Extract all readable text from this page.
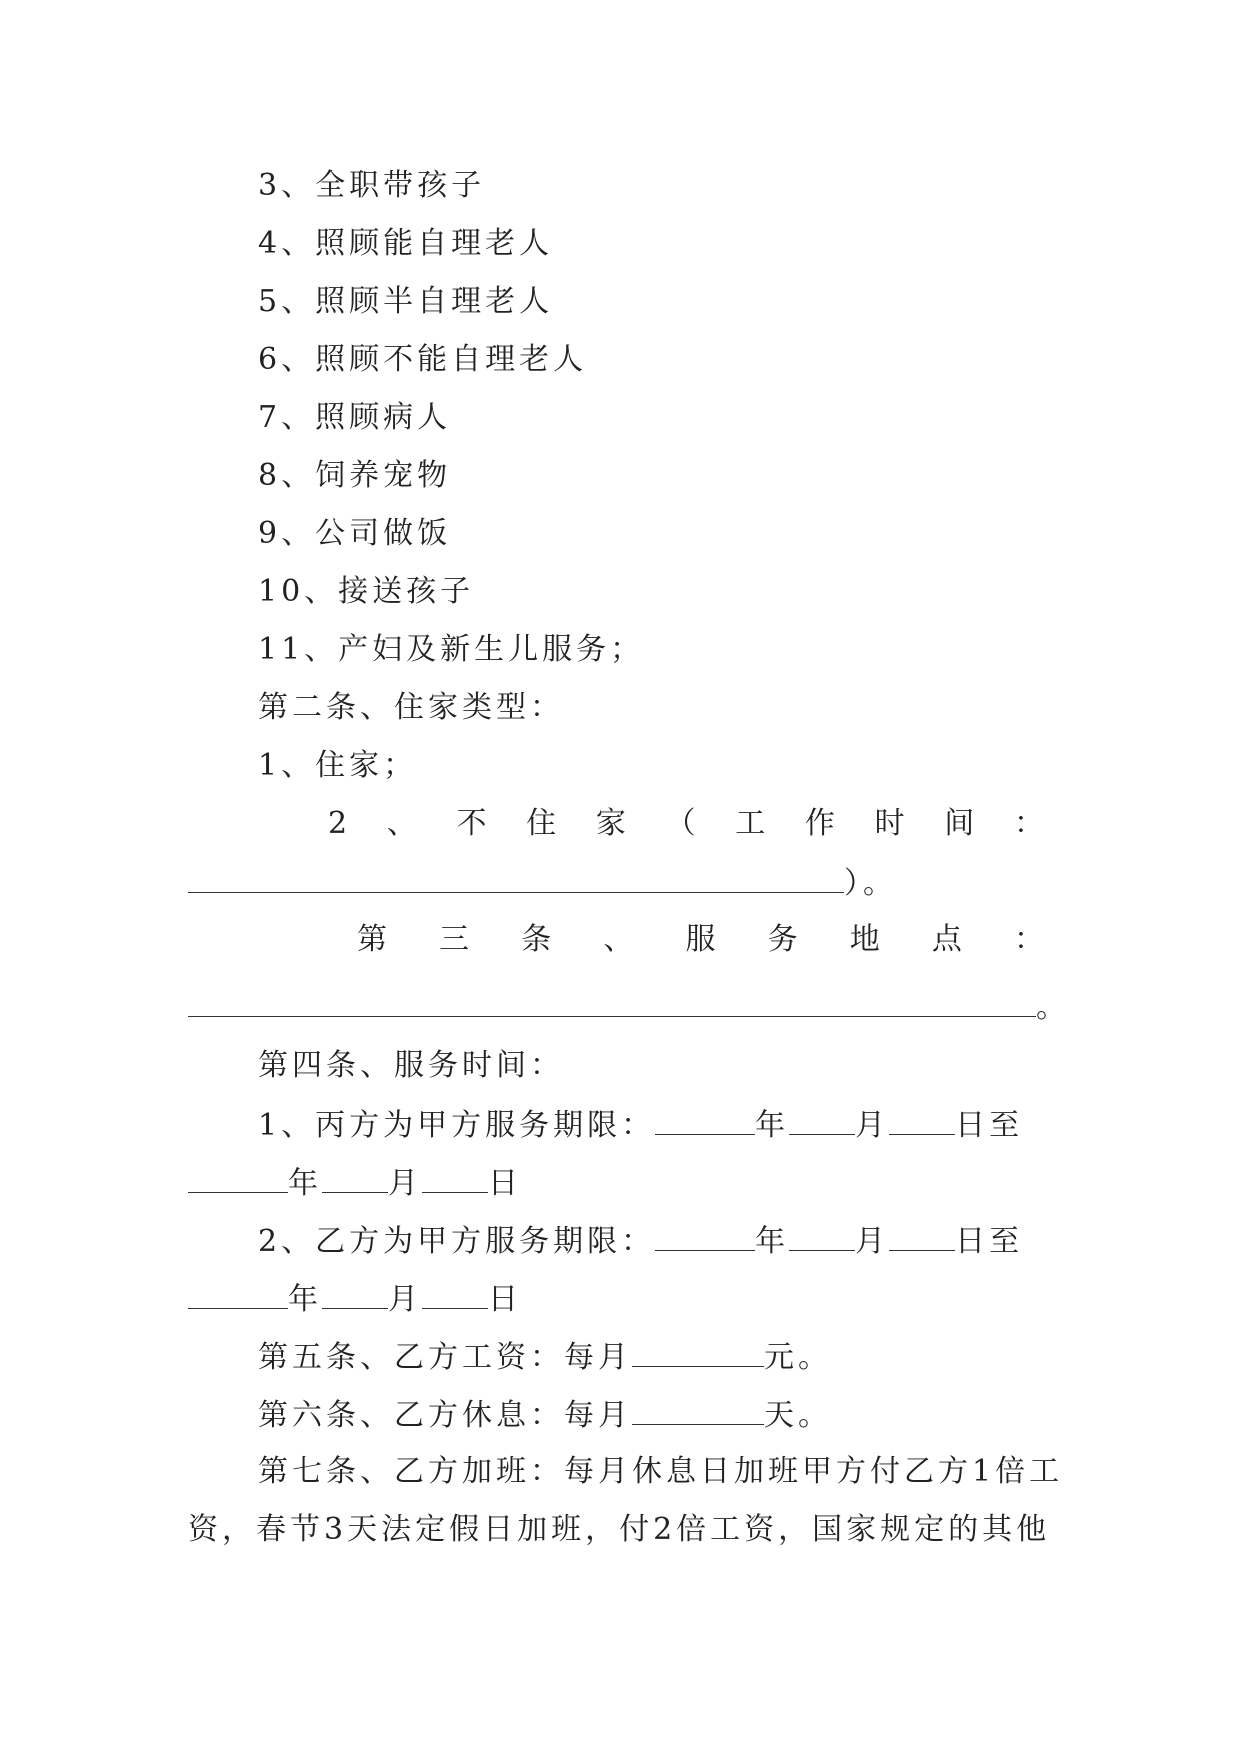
3、全职带孩子
4、照顾能自理老人
5、照顾半自理老人
6、照顾不能自理老人
7、照顾病人
8、饲养宠物
9、公司做饭
10、接送孩子
11、产妇及新生儿服务；
第二条、住家类型：
1、住家；
2 、 不 住 家 （ 工 作 时 间 ：
）。
第 三 条 、 服 务 地 点 ：
。
第四条、服务时间：
1、丙方为甲方服务期限：	年 月 日至
年 月 日
2、乙方为甲方服务期限：	年 月 日至
年 月 日
第五条、乙方工资：每月	元。
第六条、乙方休息：每月	天。
第七条、乙方加班：每月休息日加班甲方付乙方1倍工
资，春节3天法定假日加班，付2倍工资，国家规定的其他
